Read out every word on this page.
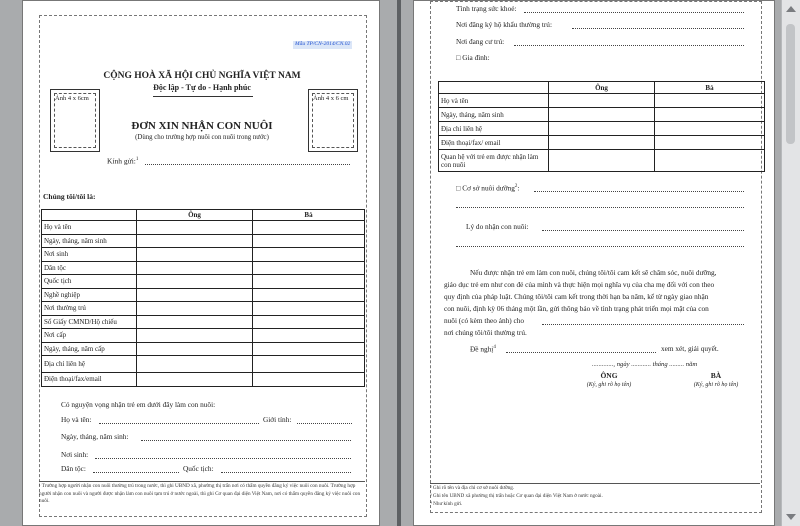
Mẫu TP/CN-2014/CN.02
CỘNG HOÀ XÃ HỘI CHỦ NGHĨA VIỆT NAM
Độc lập - Tự do - Hạnh phúc
Ảnh 4 x 6cm	Ảnh 4 x 6 cm
ĐƠN XIN NHẬN CON NUÔI
(Dùng cho trường hợp nuôi con nuôi trong nước)
Kính gửi:$^1$
Chúng tôi/tôi là:
	Ông	Bà
Họ và tên		
Ngày, tháng, năm sinh		
Nơi sinh		
Dân tộc		
Quốc tịch		
Nghề nghiệp		
Nơi thường trú		
Số Giấy CMND/Hộ chiếu		
Nơi cấp		
Ngày, tháng, năm cấp		
Địa chỉ liên hệ		
Điện thoại/fax/email		
Có nguyện vọng nhận trẻ em dưới đây làm con nuôi:
Họ và tên:	Giới tính:
Ngày, tháng, năm sinh:
Nơi sinh:
Dân tộc:	Quốc tịch:
¹ Trường hợp người nhận con nuôi thường trú trong nước, thì ghi UBND xã, phường thị trấn nơi có thẩm quyền đăng ký việc nuôi con nuôi. Trường hợp người nhận con nuôi và người được nhận làm con nuôi tạm trú ở nước ngoài, thì ghi Cơ quan đại diện Việt Nam, nơi có thẩm quyền đăng ký việc nuôi con nuôi.
Tình trạng sức khoẻ:
Nơi đăng ký hộ khẩu thường trú:
Nơi đang cư trú:
□ Gia đình:
	Ông	Bà
Họ và tên		
Ngày, tháng, năm sinh		
Địa chỉ liên hệ		
Điện thoại/fax/ email		
Quan hệ với trẻ em được nhận làm con nuôi		
□ Cơ sở nuôi dưỡng$^2$:
Lý do nhận con nuôi:
Nếu được nhận trẻ em làm con nuôi, chúng tôi/tôi cam kết sẽ chăm sóc, nuôi dưỡng,
giáo dục trẻ em như con đẻ của mình và thực hiện mọi nghĩa vụ của cha mẹ đối với con theo
quy định của pháp luật. Chúng tôi/tôi cam kết trong thời hạn ba năm, kể từ ngày giao nhận
con nuôi, định kỳ 06 tháng một lần, gửi thông báo về tình trạng phát triển mọi mặt của con
nuôi (có kèm theo ảnh) cho
nơi chúng tôi/tôi thường trú.
Đề nghị$^4$	xem xét, giải quyết.
............., ngày ............ tháng ......... năm
ÔNG	BÀ
(Ký, ghi rõ họ tên)	(Ký, ghi rõ họ tên)
² Ghi rõ tên và địa chỉ cơ sở nuôi dưỡng.
³ Ghi tên UBND xã phường thị trấn hoặc Cơ quan đại diện Việt Nam ở nước ngoài.
⁴ Như kính gửi.
